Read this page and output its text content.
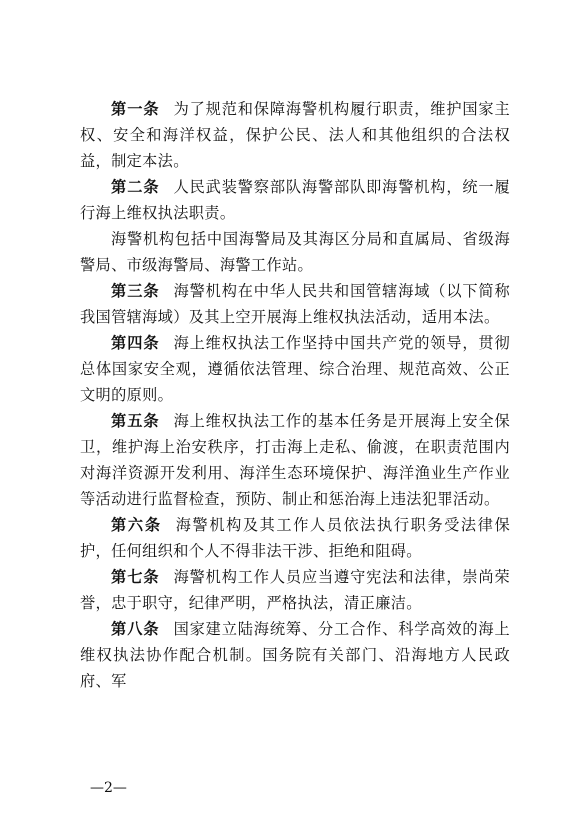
第一条 为了规范和保障海警机构履行职责，维护国家主权、安全和海洋权益，保护公民、法人和其他组织的合法权益，制定本法。

第二条 人民武装警察部队海警部队即海警机构，统一履行海上维权执法职责。

海警机构包括中国海警局及其海区分局和直属局、省级海警局、市级海警局、海警工作站。

第三条 海警机构在中华人民共和国管辖海域（以下简称我国管辖海域）及其上空开展海上维权执法活动，适用本法。

第四条 海上维权执法工作坚持中国共产党的领导，贯彻总体国家安全观，遵循依法管理、综合治理、规范高效、公正文明的原则。

第五条 海上维权执法工作的基本任务是开展海上安全保卫，维护海上治安秩序，打击海上走私、偷渡，在职责范围内对海洋资源开发利用、海洋生态环境保护、海洋渔业生产作业等活动进行监督检查，预防、制止和惩治海上违法犯罪活动。

第六条 海警机构及其工作人员依法执行职务受法律保护，任何组织和个人不得非法干涉、拒绝和阻碍。

第七条 海警机构工作人员应当遵守宪法和法律，崇尚荣誉，忠于职守，纪律严明，严格执法，清正廉洁。

第八条 国家建立陆海统筹、分工合作、科学高效的海上维权执法协作配合机制。国务院有关部门、沿海地方人民政府、军

—2—
